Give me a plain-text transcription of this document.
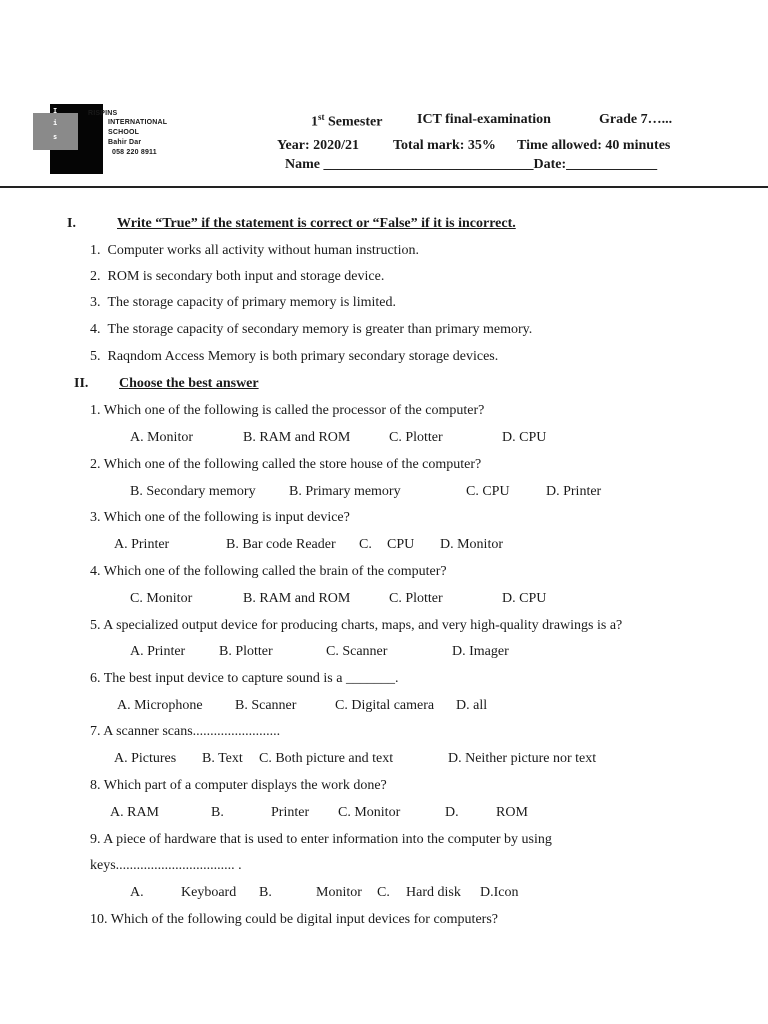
I
i
s
RISPINS
INTERNATIONAL
SCHOOL
Bahir Dar
058 220 8911
1st Semester ICT final-examination	Grade 7…...
Year: 2020/21 Total mark: 35% Time allowed: 40 minutes
Name ______________________________Date:_____________
I.	Write “True” if the statement is correct or “False” if it is incorrect.
1. Computer works all activity without human instruction.
2. ROM is secondary both input and storage device.
3. The storage capacity of primary memory is limited.
4. The storage capacity of secondary memory is greater than primary memory.
5. Raqndom Access Memory is both primary secondary storage devices.
II. Choose the best answer
1. Which one of the following is called the processor of the computer?
A. Monitor	B. RAM and ROM	C. Plotter	D. CPU
2. Which one of the following called the store house of the computer?
B. Secondary memory B. Primary memory	C. CPU	D. Printer
3. Which one of the following is input device?
A. Printer	B. Bar code Reader C. CPU D. Monitor
4. Which one of the following called the brain of the computer?
C. Monitor	B. RAM and ROM	C. Plotter	D. CPU
5. A specialized output device for producing charts, maps, and very high-quality drawings is a?
A. Printer B. Plotter	C. Scanner	D. Imager
6. The best input device to capture sound is a _______.
A. Microphone B. Scanner	C. Digital camera D. all
7. A scanner scans.........................
A. Pictures B. Text C. Both picture and text	D. Neither picture nor text
8. Which part of a computer displays the work done?
A. RAM	B.	Printer C. Monitor	D.	ROM
9. A piece of hardware that is used to enter information into the computer by using
keys.................................. .
A.	Keyboard B.	Monitor C. Hard disk D.Icon
10. Which of the following could be digital input devices for computers?
